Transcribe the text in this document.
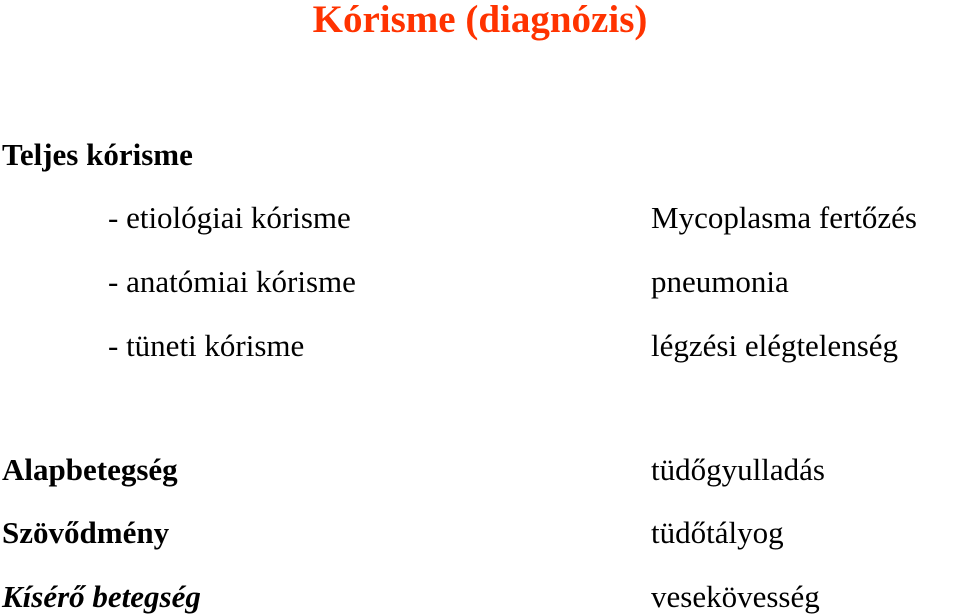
Kórisme (diagnózis)
Teljes kórisme
- etiológiai kórisme	Mycoplasma fertőzés
- anatómiai kórisme	pneumonia
- tüneti kórisme	légzési elégtelenség
Alapbetegség	tüdőgyulladás
Szövődmény	tüdőtályog
Kísérő betegség	vesekövesség
